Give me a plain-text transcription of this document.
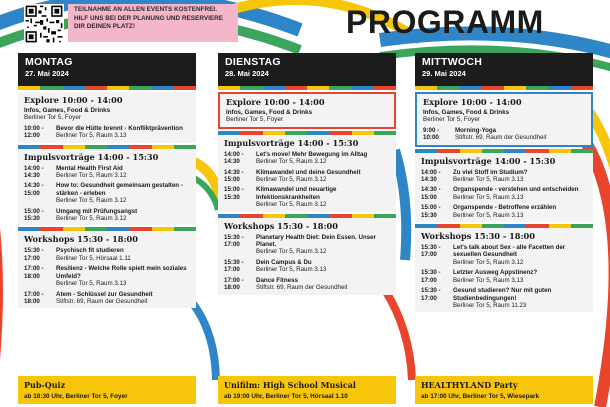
TEILNAHME AN ALLEN EVENTS KOSTENFREI. HILF UNS BEI DER PLANUNG UND RESERVIERE DIR DEINEN PLATZ!	PROGRAMM
MONTAG
27. Mai 2024
Explore 10:00 - 14:00
Infos, Games, Food & Drinks
Berliner Tor 5, Foyer
10:00 - 12:00
Bevor die Hütte brennt - Konfliktprävention
Berliner Tor 5, Raum 3.13
Impulsvorträge 14:00 - 15:30
14:00 - 14:30
Mental Health First Aid
Berliner Tor 5, Raum 3.12
14:30 - 15:00
How to: Gesundheit gemeinsam gestalten - stärken - erleben
Berliner Tor 5, Raum 3.12
15:00 - 15:30
Umgang mit Prüfungsangst
Berliner Tor 5, Raum 3.12
Workshops 15:30 - 18:00
15:30 - 17:00
Psychisch fit studieren
Berliner Tor 5, Hörsaal 1.11
17:00 - 18:00
Resilienz - Welche Rolle spielt mein soziales Umfeld?
Berliner Tor 5, Raum 3.13
17:00 - 18:00
Atem - Schlüssel zur Gesundheit
Stiftstr. 69, Raum der Gesundheit
Pub-Quiz
ab 18:30 Uhr, Berliner Tor 5, Foyer
DIENSTAG
28. Mai 2024
Explore 10:00 - 14:00
Infos, Games, Food & Drinks
Berliner Tor 5, Foyer
Impulsvorträge 14:00 - 15:30
14:00 - 14:30
Let's move! Mehr Bewegung im Alltag
Berliner Tor 5, Raum 3.12
14:30 - 15:00
Klimawandel und deine Gesundheit
Berliner Tor 5, Raum 3.12
15:00 - 15:30
Klimawandel und neuartige Infektionskrankheiten
Berliner Tor 5, Raum 3.12
Workshops 15:30 - 18:00
15:30 - 17:00
Planetary Health Diet: Dein Essen. Unser Planet.
Berliner Tor 5, Raum 3.12
15:30 - 17:00
Dein Campus & Du
Berliner Tor 5, Raum 3.13
17:00 - 18:00
Dance Fitness
Stiftstr. 69, Raum der Gesundheit
Unifilm: High School Musical
ab 19:00 Uhr, Berliner Tor 5, Hörsaal 1.10
MITTWOCH
29. Mai 2024
Explore 10:00 - 14:00
Infos, Games, Food & Drinks
Berliner Tor 5, Foyer
9:00 - 10:00
Morning-Yoga
Stiftstr. 69, Raum der Gesundheit
Impulsvorträge 14:00 - 15:30
14:00 - 14:30
Zu viel Stoff im Studium?
Berliner Tor 5, Raum 3.13
14:30 - 15:00
Organspende - verstehen und entscheiden
Berliner Tor 5, Raum 3.13
15:00 - 15:30
Organspende - Betroffene erzählen
Berliner Tor 5, Raum 3.13
Workshops 15:30 - 18:00
15:30 - 17:00
Let's talk about Sex - alle Facetten der sexuellen Gesundheit
Berliner Tor 5, Raum 3.12
15:30 - 17:00
Letzter Ausweg Appstinenz?
Berliner Tor 5, Raum 3.13
15:30 - 17:00
Gesund studieren? Nur mit guten Studienbedingungen!
Berliner Tor 5, Raum 11.23
HEALTHYLAND Party
ab 17:00 Uhr, Berliner Tor 5, Wiesepark
